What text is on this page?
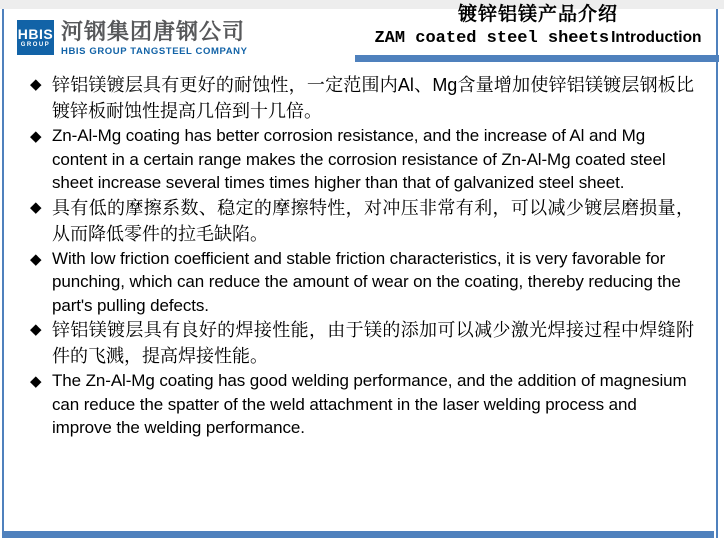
HBIS
GROUP
河钢集团唐钢公司
HBIS GROUP TANGSTEEL COMPANY
镀锌铝镁产品介绍
ZAM coated steel sheets Introduction
◆ 锌铝镁镀层具有更好的耐蚀性，一定范围内Al、Mg含量增加使锌铝镁镀层钢板比镀锌板耐蚀性提高几倍到十几倍。
◆ Zn-Al-Mg coating has better corrosion resistance, and the increase of Al and Mg content in a certain range makes the corrosion resistance of Zn-Al-Mg coated steel sheet increase several times times higher than that of galvanized steel sheet.
◆ 具有低的摩擦系数、稳定的摩擦特性，对冲压非常有利，可以减少镀层磨损量，从而降低零件的拉毛缺陷。
◆ With low friction coefficient and stable friction characteristics, it is very favorable for punching, which can reduce the amount of wear on the coating, thereby reducing the part's pulling defects.
◆ 锌铝镁镀层具有良好的焊接性能，由于镁的添加可以减少激光焊接过程中焊缝附件的飞溅，提高焊接性能。
◆ The Zn-Al-Mg coating has good welding performance, and the addition of magnesium can reduce the spatter of the weld attachment in the laser welding process and improve the welding performance.
